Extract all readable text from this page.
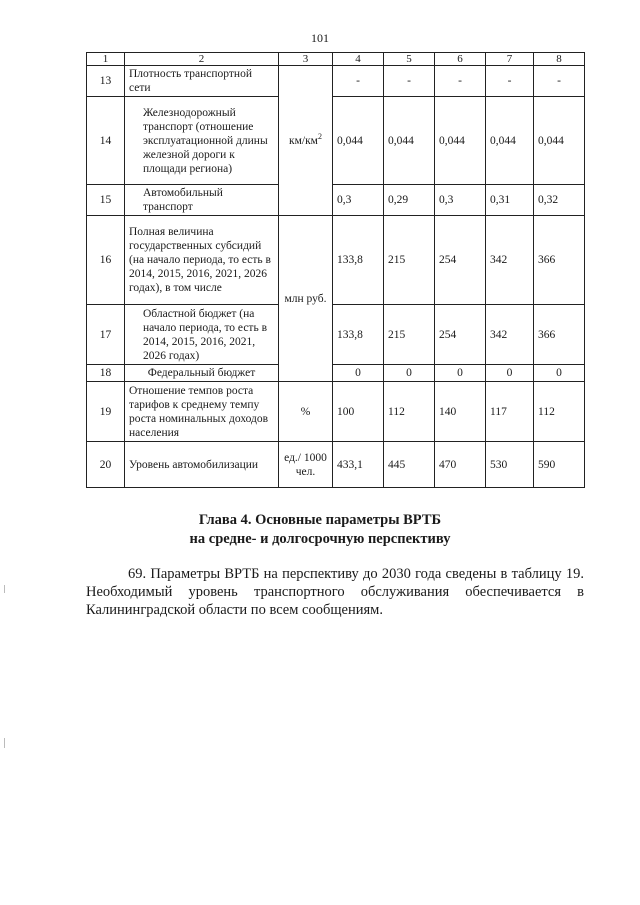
101
1	2	3	4	5	6	7	8
13	Плотность транспортной сети	$км/км^2$	-	-	-	-	-
14	Железнодорожный транспорт (отношение эксплуатационной длины железной дороги к площади региона)		0,044	0,044	0,044	0,044	0,044
15	Автомобильный транспорт		0,3	0,29	0,3	0,31	0,32
16	Полная величина государственных субсидий (на начало периода, то есть в 2014, 2015, 2016, 2021, 2026 годах), в том числе	млн руб.	133,8	215	254	342	366
17	Областной бюджет (на начало периода, то есть в 2014, 2015, 2016, 2021, 2026 годах)		133,8	215	254	342	366
18	Федеральный бюджет		0	0	0	0	0
19	Отношение темпов роста тарифов к среднему темпу роста номинальных доходов населения	%	100	112	140	117	112
20	Уровень автомобилизации	ед./ 1000 чел.	433,1	445	470	530	590
Глава 4. Основные параметры ВРТБ
на средне- и долгосрочную перспективу
69. Параметры ВРТБ на перспективу до 2030 года сведены в таблицу 19. Необходимый уровень транспортного обслуживания обеспечивается в Калининградской области по всем сообщениям.
